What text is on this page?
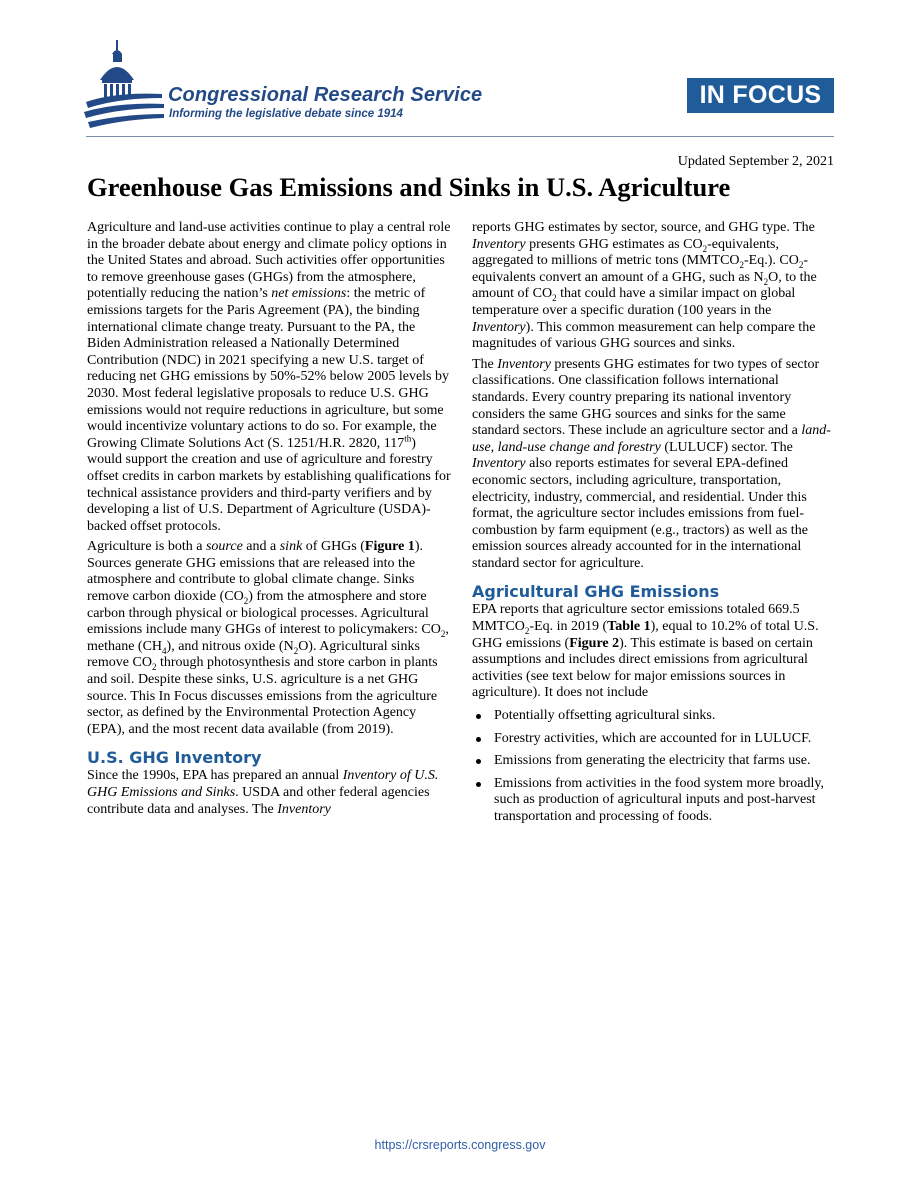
Congressional Research Service
Informing the legislative debate since 1914
IN FOCUS
Updated September 2, 2021
Greenhouse Gas Emissions and Sinks in U.S. Agriculture

Agriculture and land-use activities continue to play a central role in the broader debate about energy and climate policy options in the United States and abroad. Such activities offer opportunities to remove greenhouse gases (GHGs) from the atmosphere, potentially reducing the nation’s net emissions: the metric of emissions targets for the Paris Agreement (PA), the binding international climate change treaty. Pursuant to the PA, the Biden Administration released a Nationally Determined Contribution (NDC) in 2021 specifying a new U.S. target of reducing net GHG emissions by 50%-52% below 2005 levels by 2030. Most federal legislative proposals to reduce U.S. GHG emissions would not require reductions in agriculture, but some would incentivize voluntary actions to do so. For example, the Growing Climate Solutions Act (S. 1251/H.R. 2820, 117th) would support the creation and use of agriculture and forestry offset credits in carbon markets by establishing qualifications for technical assistance providers and third-party verifiers and by developing a list of U.S. Department of Agriculture (USDA)-backed offset protocols.

Agriculture is both a source and a sink of GHGs (Figure 1). Sources generate GHG emissions that are released into the atmosphere and contribute to global climate change. Sinks remove carbon dioxide $(CO_2)$ from the atmosphere and store carbon through physical or biological processes. Agricultural emissions include many GHGs of interest to policymakers: $CO_2$, methane $(CH_4)$, and nitrous oxide $(N_2O)$. Agricultural sinks remove $CO_2$ through photosynthesis and store carbon in plants and soil. Despite these sinks, U.S. agriculture is a net GHG source. This In Focus discusses emissions from the agriculture sector, as defined by the Environmental Protection Agency (EPA), and the most recent data available (from 2019).

U.S. GHG Inventory

Since the 1990s, EPA has prepared an annual Inventory of U.S. GHG Emissions and Sinks. USDA and other federal agencies contribute data and analyses. The Inventory

reports GHG estimates by sector, source, and GHG type. The Inventory presents GHG estimates as $CO_2$-equivalents, aggregated to millions of metric tons $(MMTCO_2-Eq.)$. $CO_2$-equivalents convert an amount of a GHG, such as $N_2O$, to the amount of $CO_2$ that could have a similar impact on global temperature over a specific duration (100 years in the Inventory). This common measurement can help compare the magnitudes of various GHG sources and sinks.

The Inventory presents GHG estimates for two types of sector classifications. One classification follows international standards. Every country preparing its national inventory considers the same GHG sources and sinks for the same standard sectors. These include an agriculture sector and a land-use, land-use change and forestry (LULUCF) sector. The Inventory also reports estimates for several EPA-defined economic sectors, including agriculture, transportation, electricity, industry, commercial, and residential. Under this format, the agriculture sector includes emissions from fuel-combustion by farm equipment (e.g., tractors) as well as the emission sources already accounted for in the international standard sector for agriculture.

Agricultural GHG Emissions

EPA reports that agriculture sector emissions totaled 669.5 $MMTCO_2-Eq$. in 2019 (Table 1), equal to 10.2% of total U.S. GHG emissions (Figure 2). This estimate is based on certain assumptions and includes direct emissions from agricultural activities (see text below for major emissions sources in agriculture). It does not include

Potentially offsetting agricultural sinks.
Forestry activities, which are accounted for in LULUCF.
Emissions from generating the electricity that farms use.
Emissions from activities in the food system more broadly, such as production of agricultural inputs and post-harvest transportation and processing of foods.
https://crsreports.congress.gov
